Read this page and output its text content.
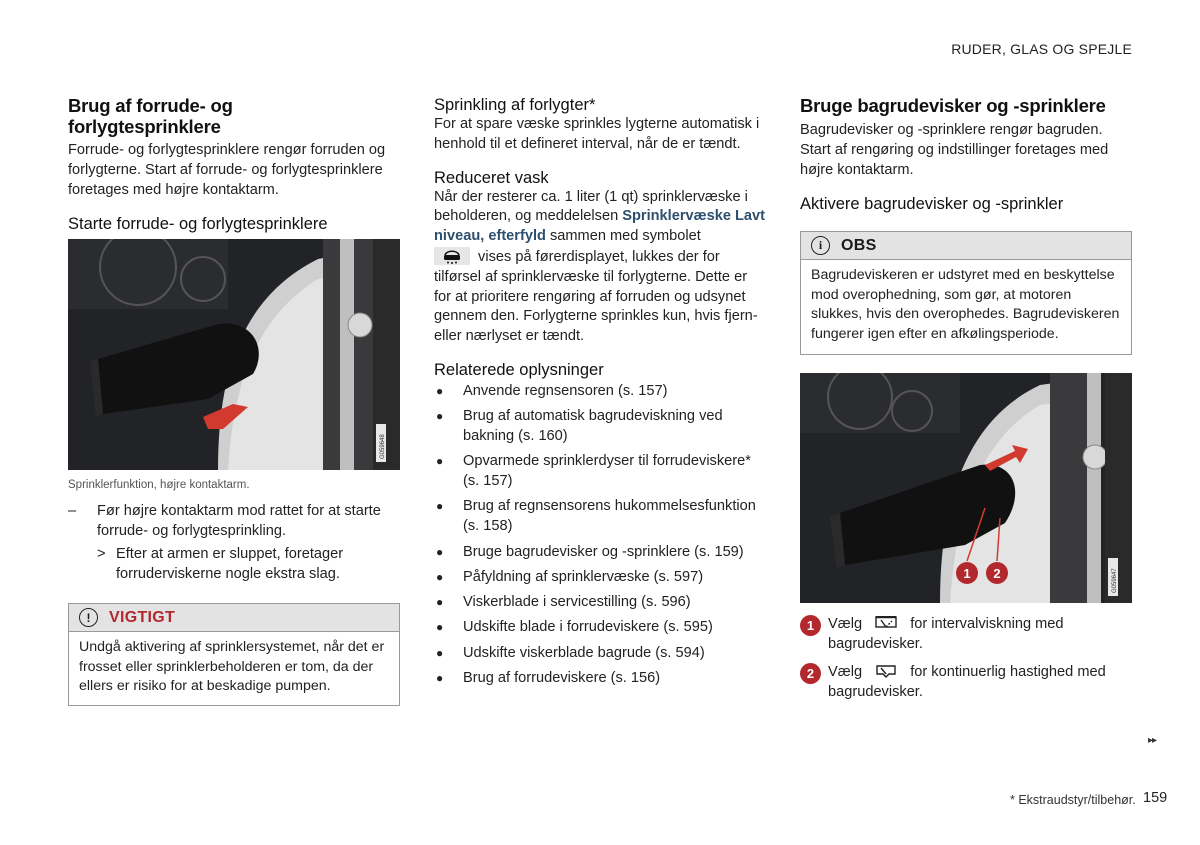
RUDER, GLAS OG SPEJLE
Brug af forrude- og forlygtesprinklere

Forrude- og forlygtesprinklere rengør forruden og forlygterne. Start af forrude- og forlygtesprinklere foretages med højre kontaktarm.

Starte forrude- og forlygtesprinklere
G059648
Sprinklerfunktion, højre kontaktarm.
–	Før højre kontaktarm mod rattet for at starte forrude- og forlygtesprinkling.
> Efter at armen er sluppet, foretager forruderviskerne nogle ekstra slag.
!	VIGTIGT
Undgå aktivering af sprinklersystemet, når det er frosset eller sprinklerbeholderen er tom, da der ellers er risiko for at beskadige pumpen.
Sprinkling af forlygter*

For at spare væske sprinkles lygterne automatisk i henhold til et defineret interval, når de er tændt.

Reduceret vask

Når der resterer ca. 1 liter (1 qt) sprinklervæske i beholderen, og meddelelsen Sprinklervæske Lavt niveau, efterfyld sammen med symbolet
vises på førerdisplayet, lukkes der for tilførsel af sprinklervæske til forlygterne. Dette er for at prioritere rengøring af forruden og udsynet gennem den. Forlygterne sprinkles kun, hvis fjern- eller nærlyset er tændt.

Relaterede oplysninger
●	Anvende regnsensoren (s. 157)
●	Brug af automatisk bagrudeviskning ved bakning (s. 160)
●	Opvarmede sprinklerdyser til forrudeviskere* (s. 157)
●	Brug af regnsensorens hukommelsesfunktion (s. 158)
●	Bruge bagrudevisker og -sprinklere (s. 159)
●	Påfyldning af sprinklervæske (s. 597)
●	Viskerblade i servicestilling (s. 596)
●	Udskifte blade i forrudeviskere (s. 595)
●	Udskifte viskerblade bagrude (s. 594)
●	Brug af forrudeviskere (s. 156)
Bruge bagrudevisker og -sprinklere

Bagrudevisker og -sprinklere rengør bagruden. Start af rengøring og indstillinger foretages med højre kontaktarm.

Aktivere bagrudevisker og -sprinkler
i	OBS
Bagrudeviskeren er udstyret med en beskyttelse mod overophedning, som gør, at motoren slukkes, hvis den overophedes. Bagrudeviskeren fungerer igen efter en afkølingsperiode.
1 2	G059647
1 Vælg	for intervalviskning med bagrudevisker.
2 Vælg	for kontinuerlig hastighed med bagrudevisker.
▸▸
* Ekstraudstyr/tilbehør. 159
